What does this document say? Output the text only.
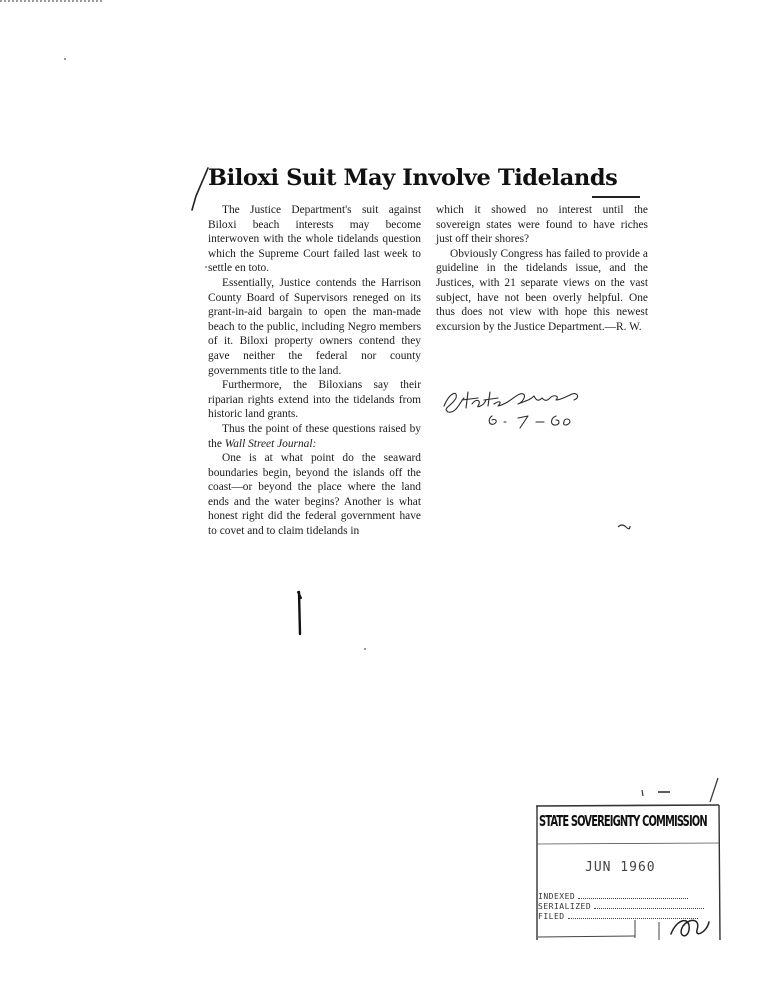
Biloxi Suit May Involve Tidelands

The Justice Department's suit against Biloxi beach interests may become interwoven with the whole tidelands question which the Supreme Court failed last week to settle en toto.

Essentially, Justice contends the Harrison County Board of Supervisors reneged on its grant-in-aid bargain to open the man-made beach to the public, including Negro members of it. Biloxi property owners contend they gave neither the federal nor county governments title to the land.

Furthermore, the Biloxians say their riparian rights extend into the tidelands from historic land grants.

Thus the point of these questions raised by the Wall Street Journal:

One is at what point do the seaward boundaries begin, beyond the islands off the coast—or beyond the place where the land ends and the water begins? Another is what honest right did the federal government have to covet and to claim tidelands in

which it showed no interest until the sovereign states were found to have riches just off their shores?

Obviously Congress has failed to provide a guideline in the tidelands issue, and the Justices, with 21 separate views on the vast subject, have not been overly helpful. One thus does not view with hope this newest excursion by the Justice Department.—R. W.

STATE SOVEREIGNTY COMMISSION
JUN 1960
INDEXED
SERIALIZED
FILED
